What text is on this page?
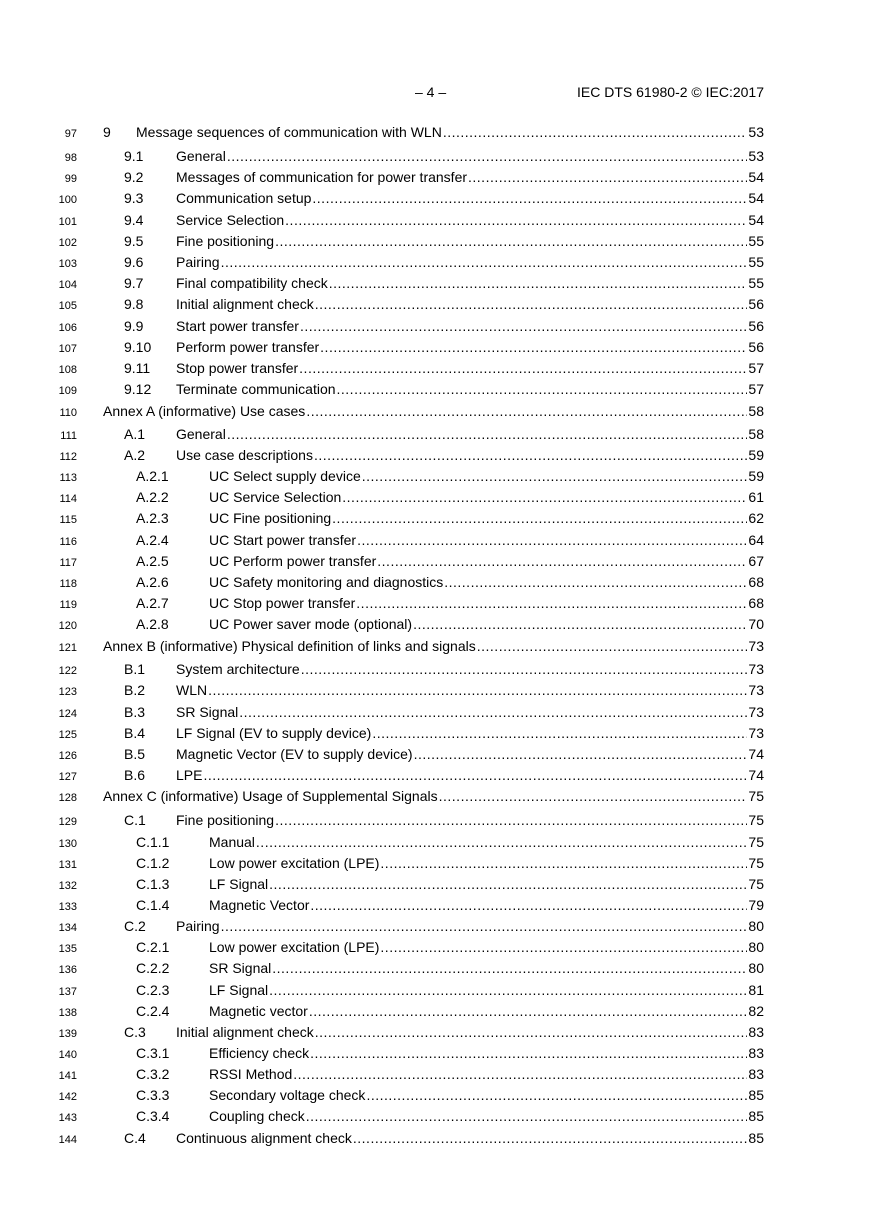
– 4 –	IEC DTS 61980-2 © IEC:2017
97 9 Message sequences of communication with WLN .....	53
98	9.1 General .....	53
99	9.2 Messages of communication for power transfer .....	54
100	9.3 Communication setup .....	54
101	9.4 Service Selection .....	54
102	9.5 Fine positioning .....	55
103	9.6 Pairing .....	55
104	9.7 Final compatibility check .....	55
105	9.8 Initial alignment check .....	56
106	9.9 Start power transfer .....	56
107	9.10 Perform power transfer .....	56
108	9.11 Stop power transfer .....	57
109	9.12 Terminate communication .....	57
110 Annex A (informative) Use cases .....	58
111	A.1 General .....	58
112	A.2 Use case descriptions .....	59
113	A.2.1	UC Select supply device .....	59
114	A.2.2	UC Service Selection .....	61
115	A.2.3	UC Fine positioning .....	62
116	A.2.4	UC Start power transfer .....	64
117	A.2.5	UC Perform power transfer .....	67
118	A.2.6	UC Safety monitoring and diagnostics .....	68
119	A.2.7	UC Stop power transfer .....	68
120	A.2.8	UC Power saver mode (optional) .....	70
121 Annex B (informative) Physical definition of links and signals .....	73
122	B.1 System architecture .....	73
123	B.2 WLN .....	73
124	B.3 SR Signal .....	73
125	B.4 LF Signal (EV to supply device) .....	73
126	B.5 Magnetic Vector (EV to supply device) .....	74
127	B.6 LPE .....	74
128 Annex C (informative) Usage of Supplemental Signals .....	75
129	C.1 Fine positioning .....	75
130	C.1.1	Manual .....	75
131	C.1.2	Low power excitation (LPE) .....	75
132	C.1.3	LF Signal .....	75
133	C.1.4	Magnetic Vector .....	79
134	C.2 Pairing .....	80
135	C.2.1	Low power excitation (LPE) .....	80
136	C.2.2	SR Signal .....	80
137	C.2.3	LF Signal .....	81
138	C.2.4	Magnetic vector .....	82
139	C.3 Initial alignment check .....	83
140	C.3.1	Efficiency check .....	83
141	C.3.2	RSSI Method .....	83
142	C.3.3	Secondary voltage check .....	85
143	C.3.4	Coupling check .....	85
144	C.4 Continuous alignment check .....	85
